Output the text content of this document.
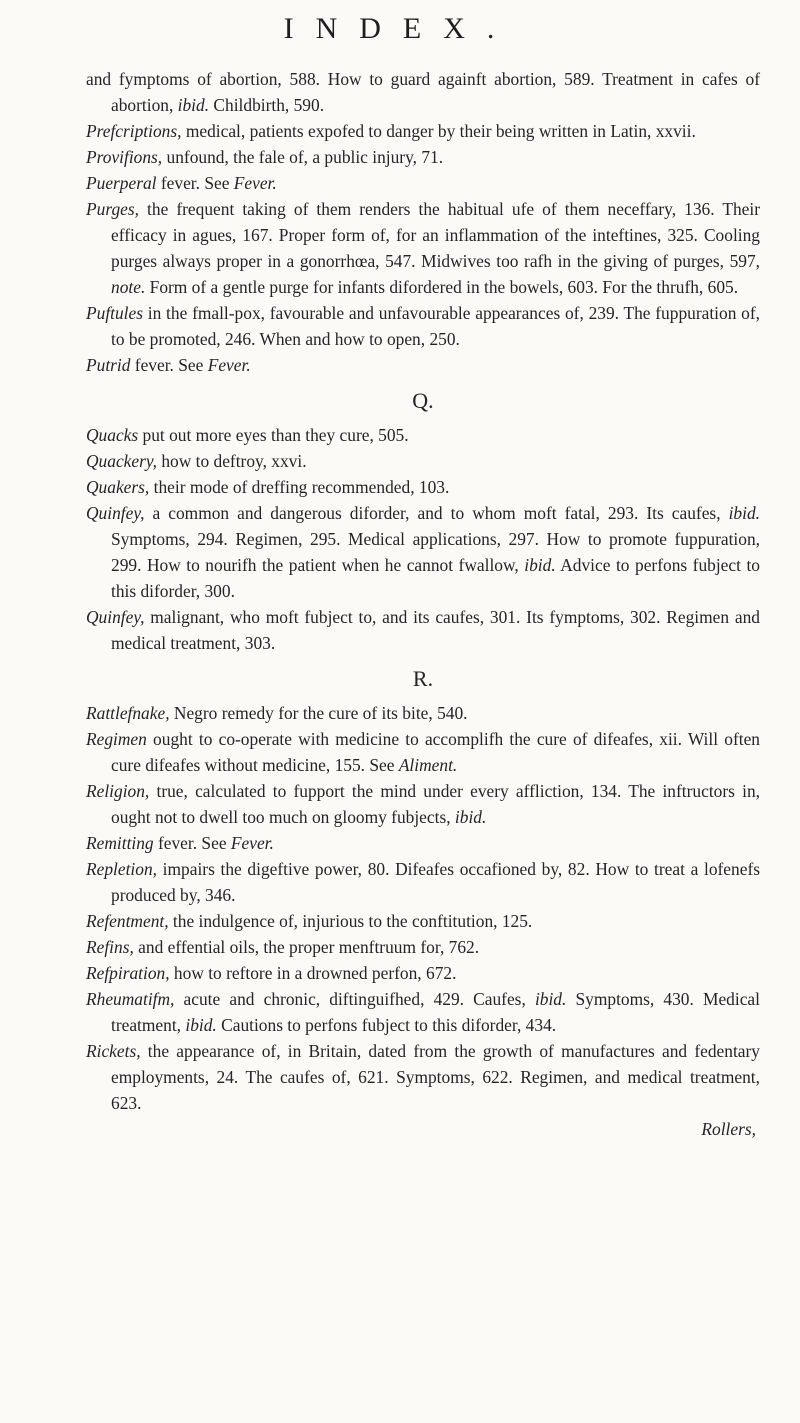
INDEX.

and fymptoms of abortion, 588. How to guard againft abortion, 589. Treatment in cafes of abortion, ibid. Childbirth, 590.

Prefcriptions, medical, patients expofed to danger by their being written in Latin, xxvii.

Provifions, unfound, the fale of, a public injury, 71.

Puerperal fever. See Fever.

Purges, the frequent taking of them renders the habitual ufe of them neceffary, 136. Their efficacy in agues, 167. Proper form of, for an inflammation of the inteftines, 325. Cooling purges always proper in a gonorrhœa, 547. Midwives too rafh in the giving of purges, 597, note. Form of a gentle purge for infants difordered in the bowels, 603. For the thrufh, 605.

Puftules in the fmall-pox, favourable and unfavourable appearances of, 239. The fuppuration of, to be promoted, 246. When and how to open, 250.

Putrid fever. See Fever.

Q.

Quacks put out more eyes than they cure, 505.

Quackery, how to deftroy, xxvi.

Quakers, their mode of dreffing recommended, 103.

Quinfey, a common and dangerous diforder, and to whom moft fatal, 293. Its caufes, ibid. Symptoms, 294. Regimen, 295. Medical applications, 297. How to promote fuppuration, 299. How to nourifh the patient when he cannot fwallow, ibid. Advice to perfons fubject to this diforder, 300.

Quinfey, malignant, who moft fubject to, and its caufes, 301. Its fymptoms, 302. Regimen and medical treatment, 303.

R.

Rattlefnake, Negro remedy for the cure of its bite, 540.

Regimen ought to co-operate with medicine to accomplifh the cure of difeafes, xii. Will often cure difeafes without medicine, 155. See Aliment.

Religion, true, calculated to fupport the mind under every affliction, 134. The inftructors in, ought not to dwell too much on gloomy fubjects, ibid.

Remitting fever. See Fever.

Repletion, impairs the digeftive power, 80. Difeafes occafioned by, 82. How to treat a lofenefs produced by, 346.

Refentment, the indulgence of, injurious to the conftitution, 125.

Refins, and effential oils, the proper menftruum for, 762.

Refpiration, how to reftore in a drowned perfon, 672.

Rheumatifm, acute and chronic, diftinguifhed, 429. Caufes, ibid. Symptoms, 430. Medical treatment, ibid. Cautions to perfons fubject to this diforder, 434.

Rickets, the appearance of, in Britain, dated from the growth of manufactures and fedentary employments, 24. The caufes of, 621. Symptoms, 622. Regimen, and medical treatment, 623.

Rollers,
